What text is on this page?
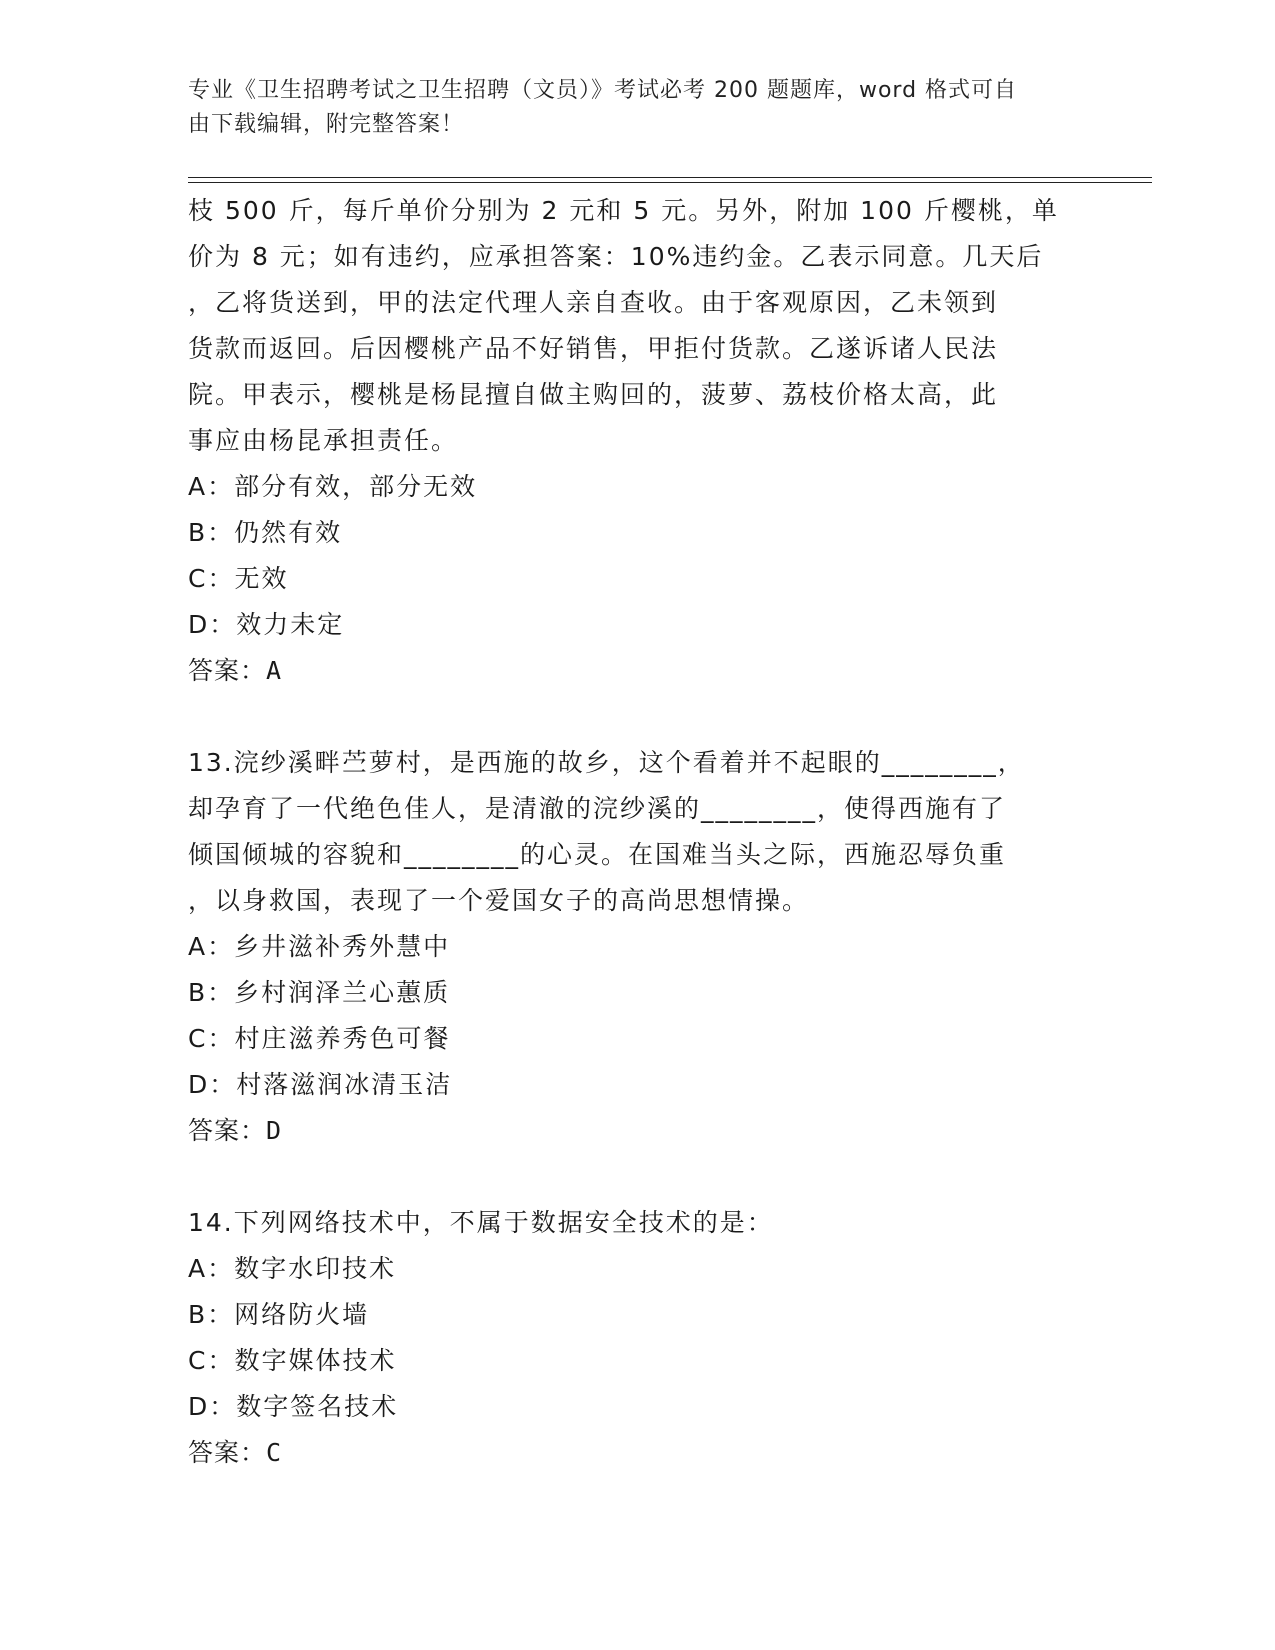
专业《卫生招聘考试之卫生招聘（文员）》考试必考 200 题题库，word 格式可自
由下载编辑，附完整答案！
枝 500 斤，每斤单价分别为 2 元和 5 元。另外，附加 100 斤樱桃，单
价为 8 元；如有违约，应承担答案：10%违约金。乙表示同意。几天后
，乙将货送到，甲的法定代理人亲自查收。由于客观原因，乙未领到
货款而返回。后因樱桃产品不好销售，甲拒付货款。乙遂诉诸人民法
院。甲表示，樱桃是杨昆擅自做主购回的，菠萝、荔枝价格太高，此
事应由杨昆承担责任。
A：部分有效，部分无效
B：仍然有效
C：无效
D：效力未定
答案：A
13.浣纱溪畔苎萝村，是西施的故乡，这个看着并不起眼的________，
却孕育了一代绝色佳人，是清澈的浣纱溪的________，使得西施有了
倾国倾城的容貌和________的心灵。在国难当头之际，西施忍辱负重
，以身救国，表现了一个爱国女子的高尚思想情操。
A：乡井滋补秀外慧中
B：乡村润泽兰心蕙质
C：村庄滋养秀色可餐
D：村落滋润冰清玉洁
答案：D
14.下列网络技术中，不属于数据安全技术的是：
A：数字水印技术
B：网络防火墙
C：数字媒体技术
D：数字签名技术
答案：C
